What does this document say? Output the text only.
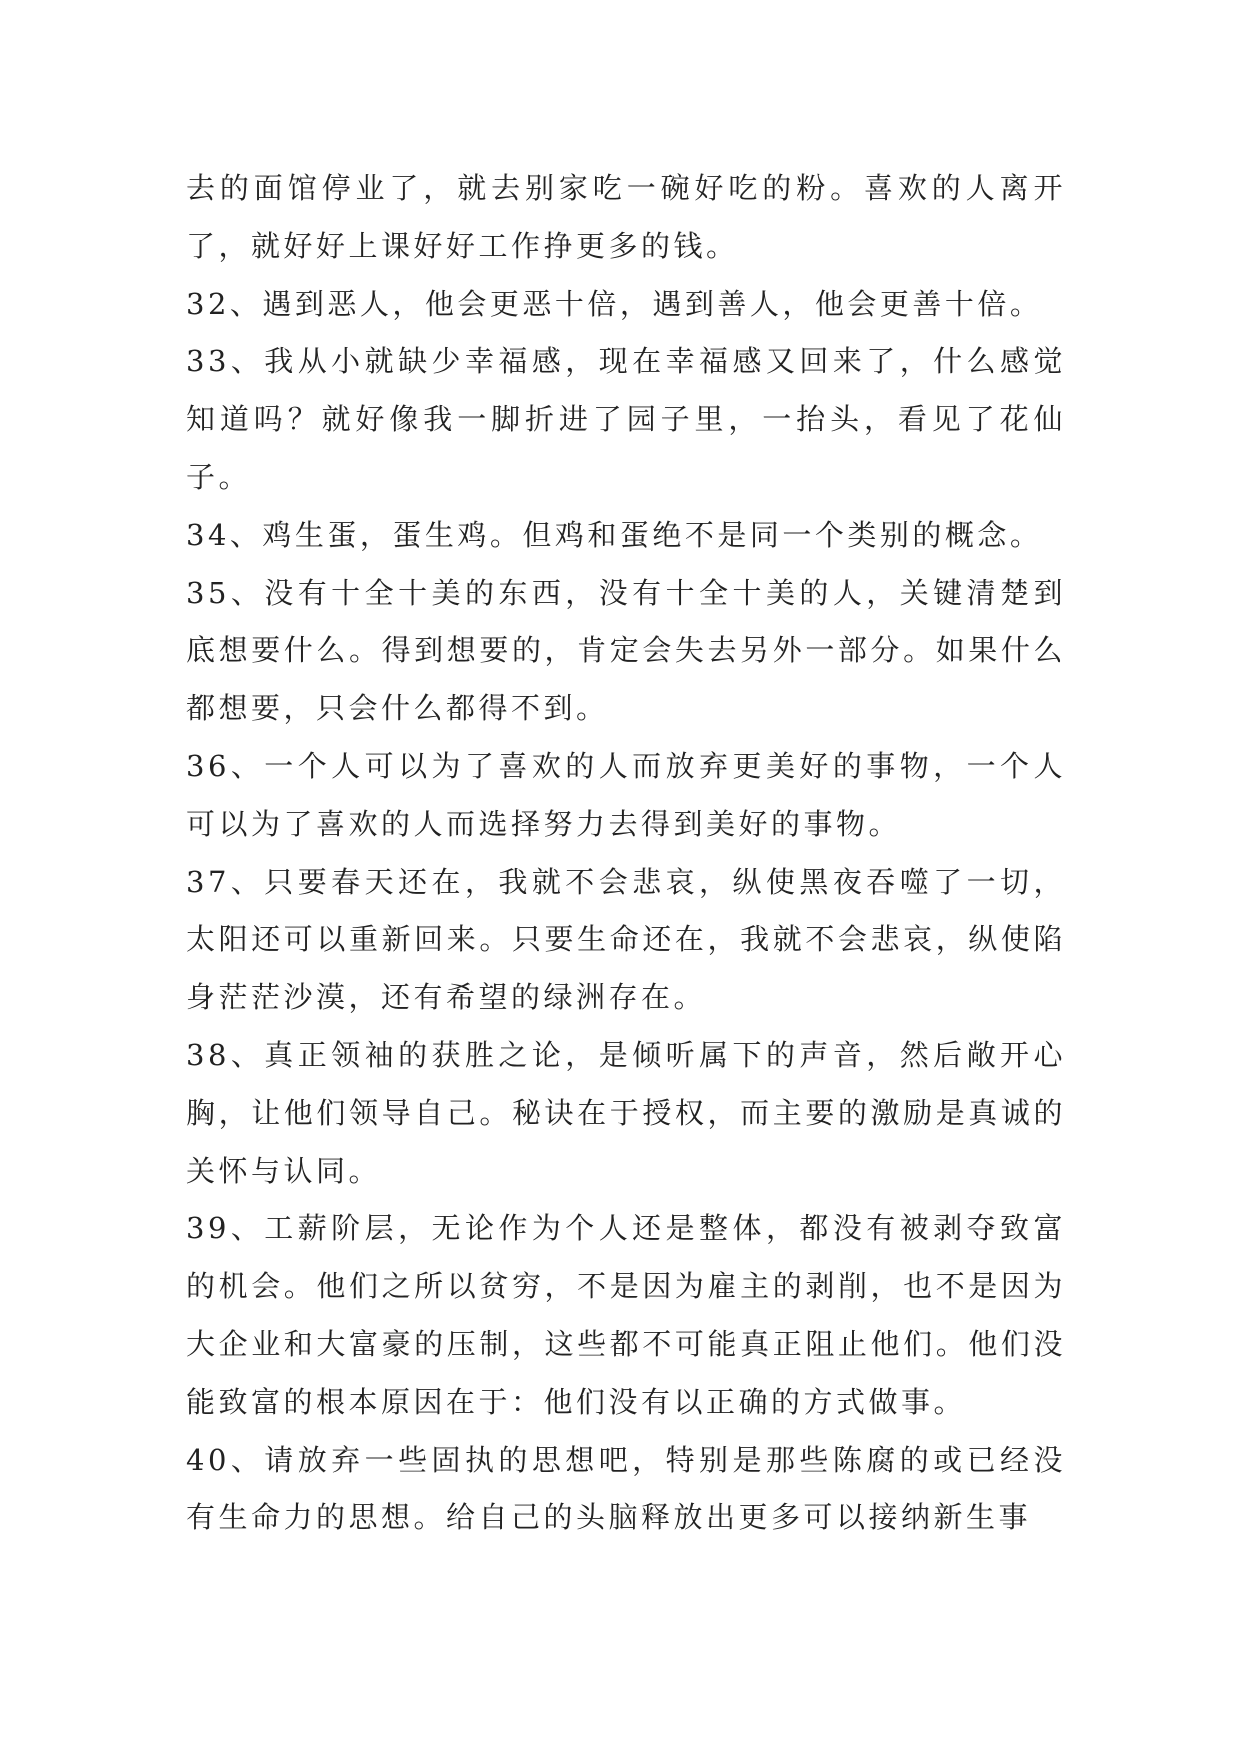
去的面馆停业了，就去别家吃一碗好吃的粉。喜欢的人离开了，就好好上课好好工作挣更多的钱。

32、遇到恶人，他会更恶十倍，遇到善人，他会更善十倍。

33、我从小就缺少幸福感，现在幸福感又回来了，什么感觉知道吗？就好像我一脚折进了园子里，一抬头，看见了花仙子。

34、鸡生蛋，蛋生鸡。但鸡和蛋绝不是同一个类别的概念。

35、没有十全十美的东西，没有十全十美的人，关键清楚到底想要什么。得到想要的，肯定会失去另外一部分。如果什么都想要，只会什么都得不到。

36、一个人可以为了喜欢的人而放弃更美好的事物，一个人可以为了喜欢的人而选择努力去得到美好的事物。

37、只要春天还在，我就不会悲哀，纵使黑夜吞噬了一切，太阳还可以重新回来。只要生命还在，我就不会悲哀，纵使陷身茫茫沙漠，还有希望的绿洲存在。

38、真正领袖的获胜之论，是倾听属下的声音，然后敞开心胸，让他们领导自己。秘诀在于授权，而主要的激励是真诚的关怀与认同。

39、工薪阶层，无论作为个人还是整体，都没有被剥夺致富的机会。他们之所以贫穷，不是因为雇主的剥削，也不是因为大企业和大富豪的压制，这些都不可能真正阻止他们。他们没能致富的根本原因在于：他们没有以正确的方式做事。

40、请放弃一些固执的思想吧，特别是那些陈腐的或已经没有生命力的思想。给自己的头脑释放出更多可以接纳新生事
